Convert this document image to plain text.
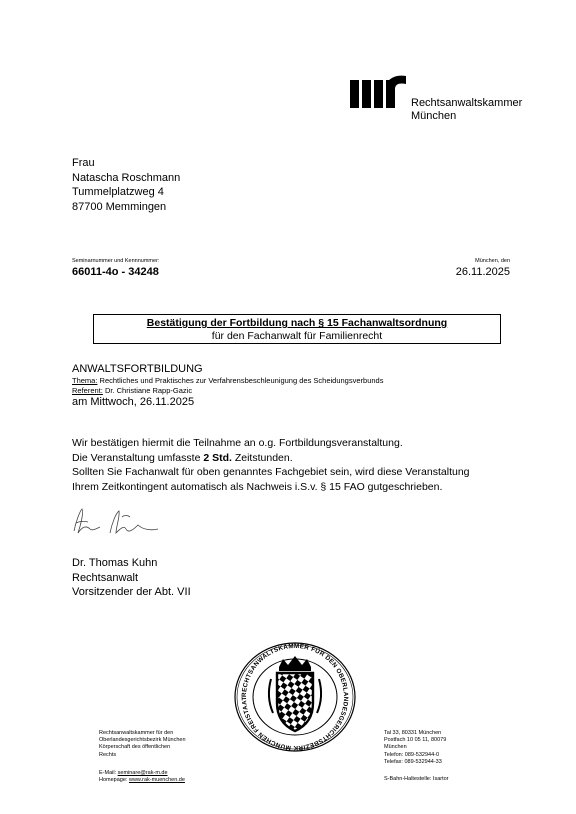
Rechtsanwaltskammer
München
Frau
Natascha Roschmann
Tummelplatzweg 4
87700 Memmingen
Seminarnummer und Kennnummer:
66011-4o - 34248
München, den
26.11.2025
Bestätigung der Fortbildung nach § 15 Fachanwaltsordnung
für den Fachanwalt für Familienrecht
ANWALTSFORTBILDUNG
Thema: Rechtliches und Praktisches zur Verfahrensbeschleunigung des Scheidungsverbunds
Referent: Dr. Christiane Rapp-Gazic
am Mittwoch, 26.11.2025
Wir bestätigen hiermit die Teilnahme an o.g. Fortbildungsveranstaltung.
Die Veranstaltung umfasste 2 Std. Zeitstunden.
Sollten Sie Fachanwalt für oben genanntes Fachgebiet sein, wird diese Veranstaltung
Ihrem Zeitkontingent automatisch als Nachweis i.S.v. § 15 FAO gutgeschrieben.
Dr. Thomas Kuhn
Rechtsanwalt
Vorsitzender der Abt. VII
RECHTSANWALTSKAMMER FÜR DEN OBERLANDESGERICHTSBEZIRK MÜNCHEN FREISTAAT
Rechtsanwaltskammer für den
Oberlandesgerichtsbezirk München
Körperschaft des öffentlichen
Rechts
E-Mail: seminare@rak-m.de
Homepage: www.rak-muenchen.de
Tal 33, 80331 München
Postfach 10 05 11, 80079
München
Telefon: 089-532944-0
Telefax: 089-532944-33
S-Bahn-Haltestelle: Isartor
